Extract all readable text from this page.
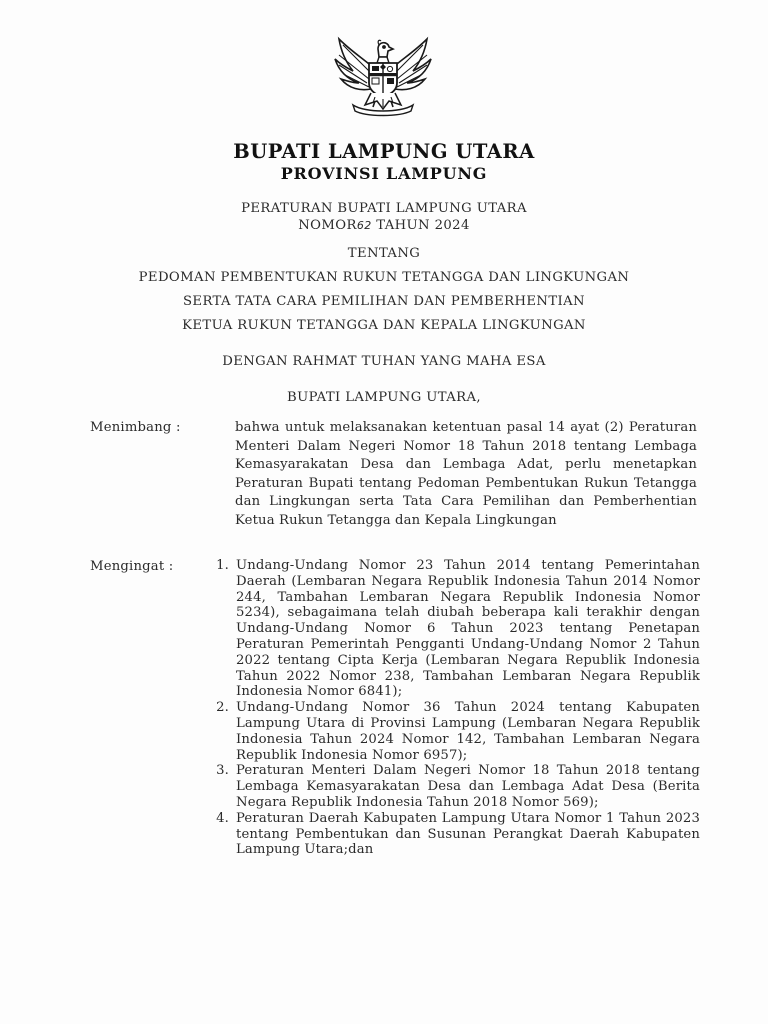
BUPATI LAMPUNG UTARA
PROVINSI LAMPUNG
PERATURAN BUPATI LAMPUNG UTARA
NOMOR62 TAHUN 2024
TENTANG
PEDOMAN PEMBENTUKAN RUKUN TETANGGA DAN LINGKUNGAN
SERTA TATA CARA PEMILIHAN DAN PEMBERHENTIAN
KETUA RUKUN TETANGGA DAN KEPALA LINGKUNGAN
DENGAN RAHMAT TUHAN YANG MAHA ESA
BUPATI LAMPUNG UTARA,
Menimbang :	bahwa untuk melaksanakan ketentuan pasal 14 ayat (2) Peraturan Menteri Dalam Negeri Nomor 18 Tahun 2018 tentang Lembaga Kemasyarakatan Desa dan Lembaga Adat, perlu menetapkan Peraturan Bupati tentang Pedoman Pembentukan Rukun Tetangga dan Lingkungan serta Tata Cara Pemilihan dan Pemberhentian Ketua Rukun Tetangga dan Kepala Lingkungan
Mengingat :	1. Undang-Undang Nomor 23 Tahun 2014 tentang Pemerintahan Daerah (Lembaran Negara Republik Indonesia Tahun 2014 Nomor 244, Tambahan Lembaran Negara Republik Indonesia Nomor 5234), sebagaimana telah diubah beberapa kali terakhir dengan Undang-Undang Nomor 6 Tahun 2023 tentang Penetapan Peraturan Pemerintah Pengganti Undang-Undang Nomor 2 Tahun 2022 tentang Cipta Kerja (Lembaran Negara Republik Indonesia Tahun 2022 Nomor 238, Tambahan Lembaran Negara Republik Indonesia Nomor 6841);
2. Undang-Undang Nomor 36 Tahun 2024 tentang Kabupaten Lampung Utara di Provinsi Lampung (Lembaran Negara Republik Indonesia Tahun 2024 Nomor 142, Tambahan Lembaran Negara Republik Indonesia Nomor 6957);
3. Peraturan Menteri Dalam Negeri Nomor 18 Tahun 2018 tentang Lembaga Kemasyarakatan Desa dan Lembaga Adat Desa (Berita Negara Republik Indonesia Tahun 2018 Nomor 569);
4. Peraturan Daerah Kabupaten Lampung Utara Nomor 1 Tahun 2023 tentang Pembentukan dan Susunan Perangkat Daerah Kabupaten Lampung Utara;dan
